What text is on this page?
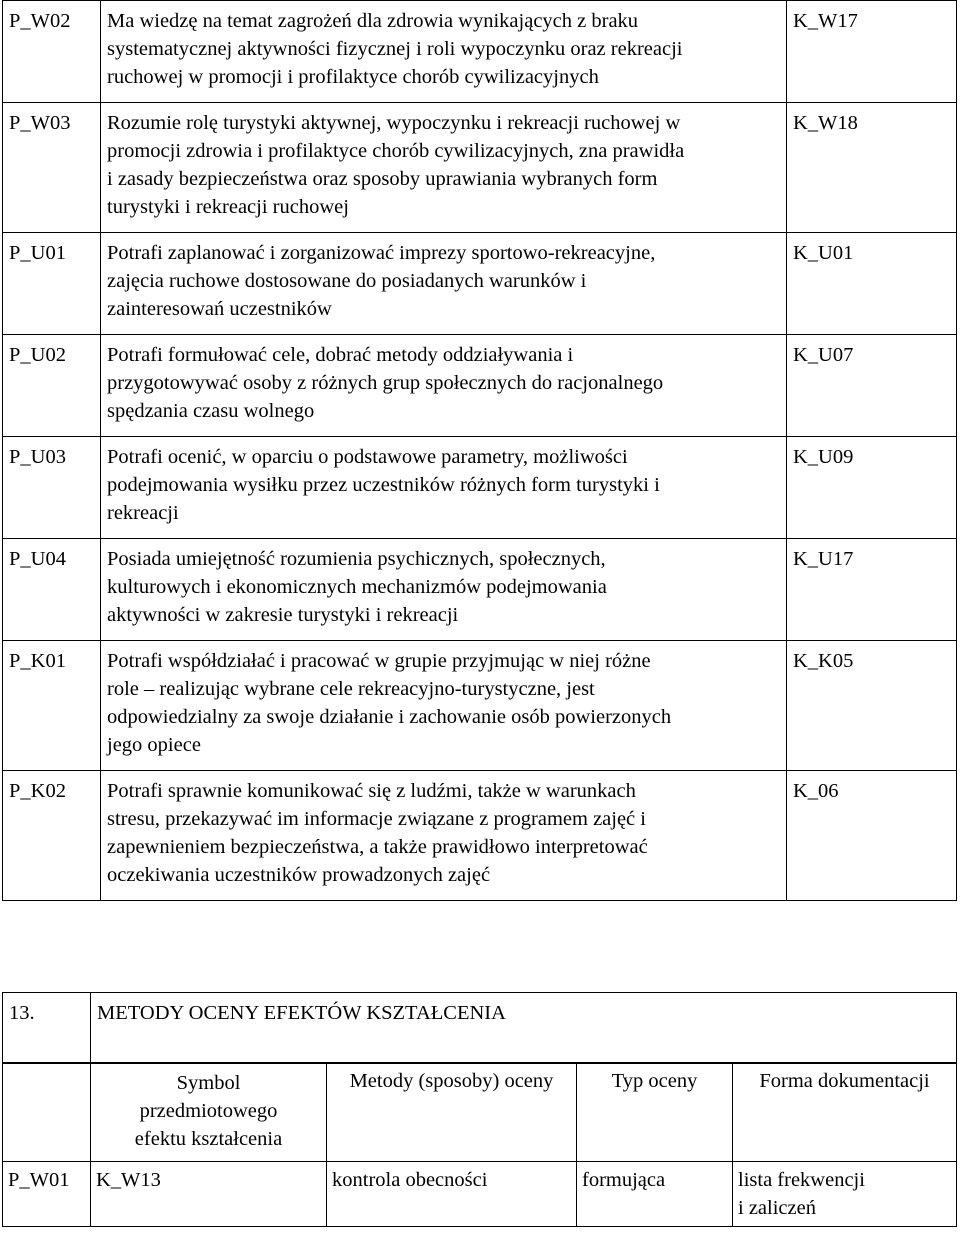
P_W02	Ma wiedzę na temat zagrożeń dla zdrowia wynikających z braku
systematycznej aktywności fizycznej i roli wypoczynku oraz rekreacji
ruchowej w promocji i profilaktyce chorób cywilizacyjnych	K_W17
P_W03	Rozumie rolę turystyki aktywnej, wypoczynku i rekreacji ruchowej w
promocji zdrowia i profilaktyce chorób cywilizacyjnych, zna prawidła
i zasady bezpieczeństwa oraz sposoby uprawiania wybranych form
turystyki i rekreacji ruchowej	K_W18
P_U01	Potrafi zaplanować i zorganizować imprezy sportowo-rekreacyjne,
zajęcia ruchowe dostosowane do posiadanych warunków i
zainteresowań uczestników	K_U01
P_U02	Potrafi formułować cele, dobrać metody oddziaływania i
przygotowywać osoby z różnych grup społecznych do racjonalnego
spędzania czasu wolnego	K_U07
P_U03	Potrafi ocenić, w oparciu o podstawowe parametry, możliwości
podejmowania wysiłku przez uczestników różnych form turystyki i
rekreacji	K_U09
P_U04	Posiada umiejętność rozumienia psychicznych, społecznych,
kulturowych i ekonomicznych mechanizmów podejmowania
aktywności w zakresie turystyki i rekreacji	K_U17
P_K01	Potrafi współdziałać i pracować w grupie przyjmując w niej różne
role – realizując wybrane cele rekreacyjno-turystyczne, jest
odpowiedzialny za swoje działanie i zachowanie osób powierzonych
jego opiece	K_K05
P_K02	Potrafi sprawnie komunikować się z ludźmi, także w warunkach
stresu, przekazywać im informacje związane z programem zajęć i
zapewnieniem bezpieczeństwa, a także prawidłowo interpretować
oczekiwania uczestników prowadzonych zajęć	K_06
13.	METODY OCENY EFEKTÓW KSZTAŁCENIA

	Symbol
przedmiotowego
efektu kształcenia	Metody (sposoby) oceny	Typ oceny	Forma dokumentacji
P_W01	K_W13	kontrola obecności	formująca	lista frekwencji
i zaliczeń
